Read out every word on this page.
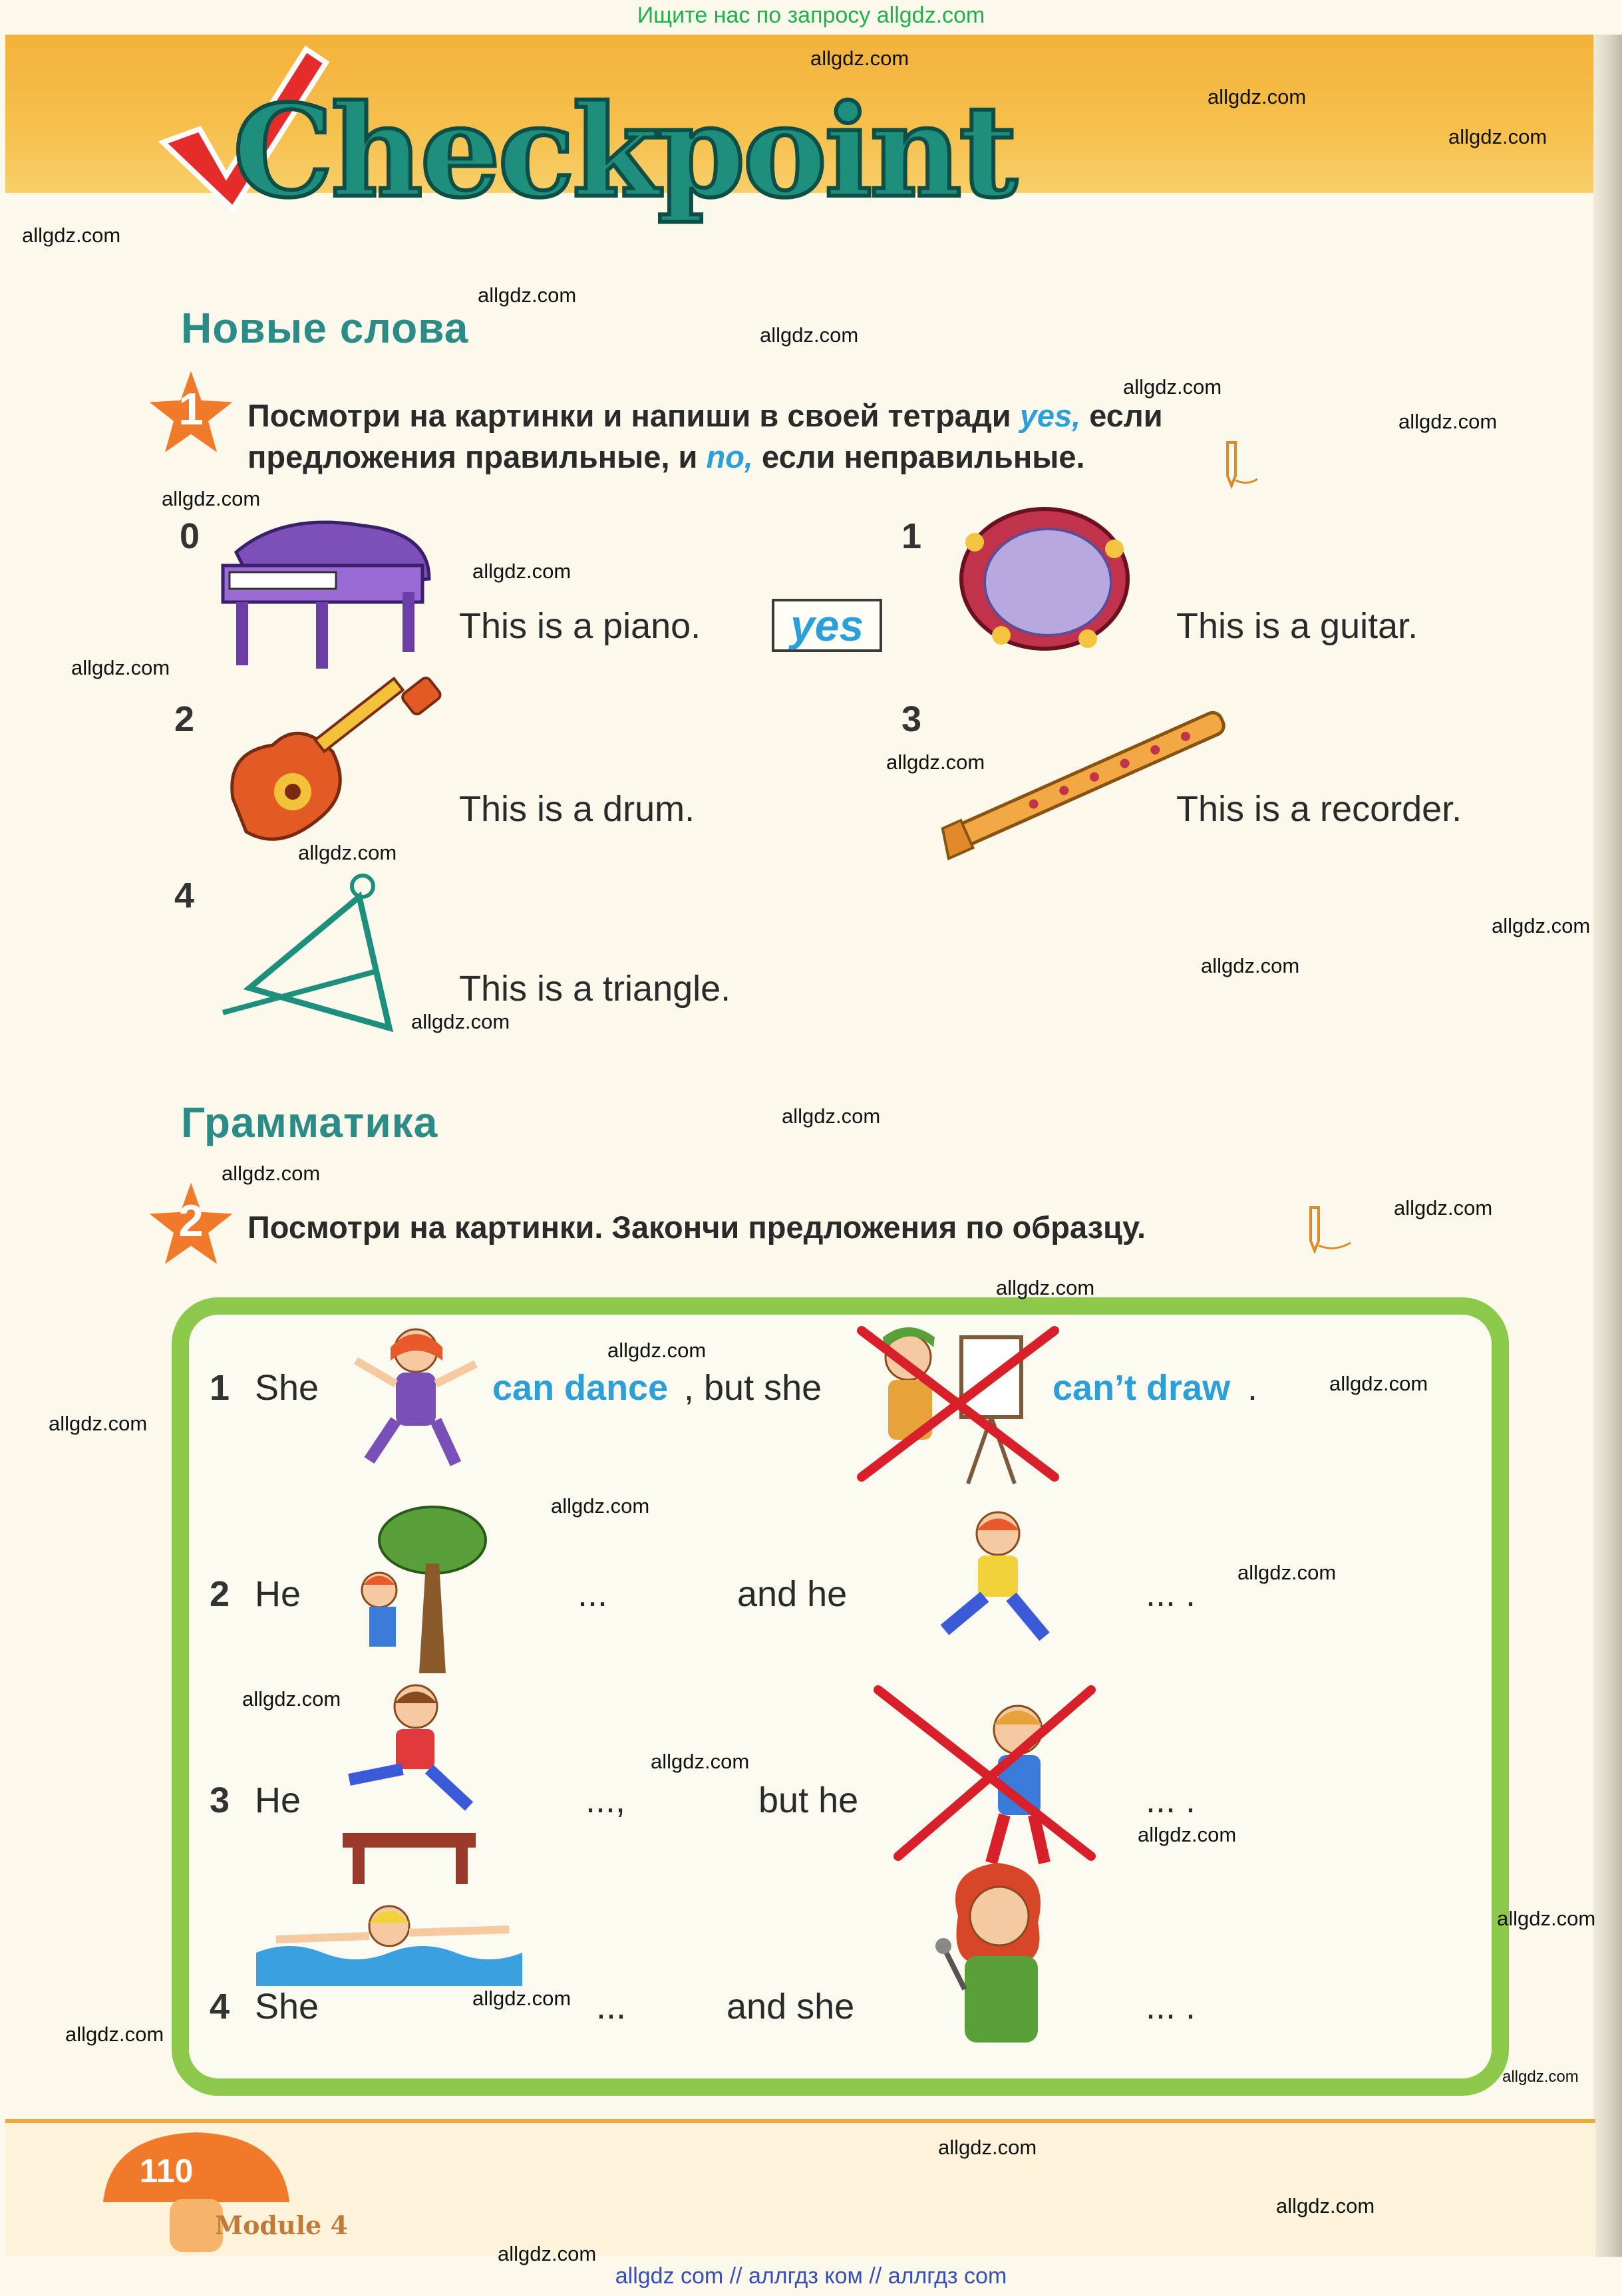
Ищите нас по запросу allgdz.com
Checkpoint
Новые слова
1 Посмотри на картинки и напиши в своей тетради yes, если предложения правильные, и no, если неправильные.
0
This is a piano.	yes
1
This is a guitar.
2
This is a drum.
3
This is a recorder.
4
This is a triangle.
Грамматика
2 Посмотри на картинки. Закончи предложения по образцу.
1 She	can dance , but she	can’t draw .
2 He	...	and he	... .
3 He	...,	but he	... .
4 She	...	and she	... .
110
Module 4
allgdz com // аллгдз ком // аллгдз com
allgdz.com
allgdz.com
allgdz.com
allgdz.com
allgdz.com
allgdz.com
allgdz.com
allgdz.com
allgdz.com
allgdz.com
allgdz.com
allgdz.com
allgdz.com
allgdz.com
allgdz.com
allgdz.com
allgdz.com
allgdz.com
allgdz.com
allgdz.com
allgdz.com
allgdz.com
allgdz.com
allgdz.com
allgdz.com
allgdz.com
allgdz.com
allgdz.com
allgdz.com
allgdz.com
allgdz.com
allgdz.com
allgdz.com
allgdz.com
allgdz.com
